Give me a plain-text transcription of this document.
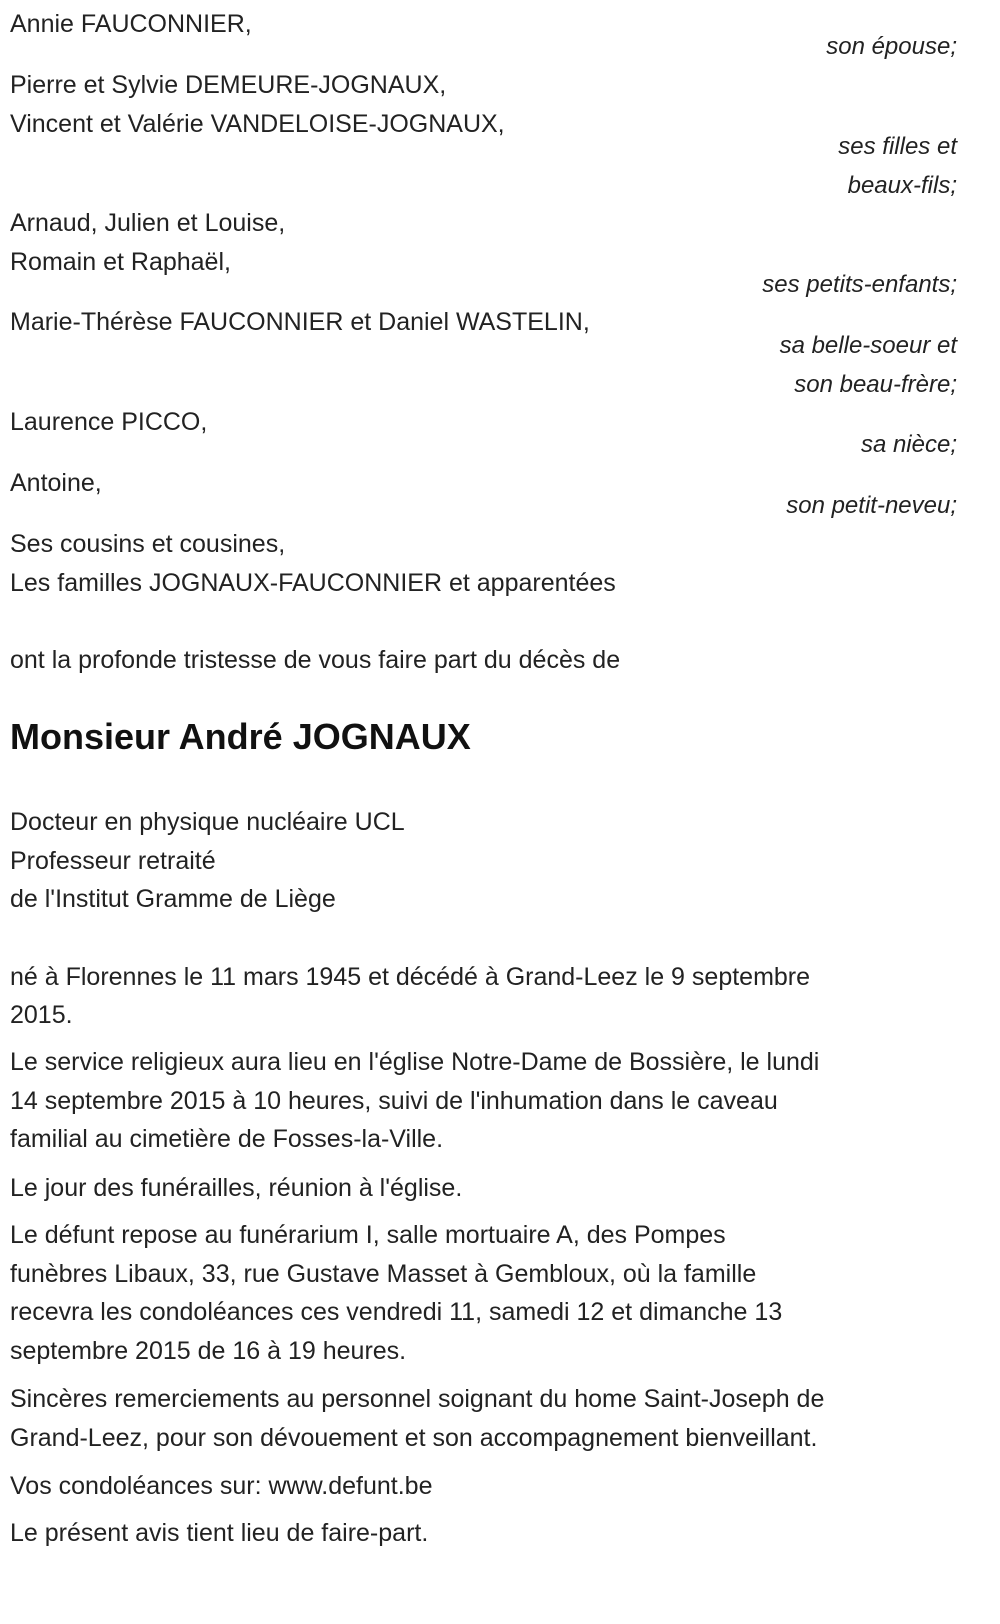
Annie FAUCONNIER,
son épouse;
Pierre et Sylvie DEMEURE-JOGNAUX,
Vincent et Valérie VANDELOISE-JOGNAUX,
ses filles et
beaux-fils;
Arnaud, Julien et Louise,
Romain et Raphaël,
ses petits-enfants;
Marie-Thérèse FAUCONNIER et Daniel WASTELIN,
sa belle-soeur et
son beau-frère;
Laurence PICCO,
sa nièce;
Antoine,
son petit-neveu;
Ses cousins et cousines,
Les familles JOGNAUX-FAUCONNIER et apparentées
ont la profonde tristesse de vous faire part du décès de
Monsieur André JOGNAUX
Docteur en physique nucléaire UCL
Professeur retraité
de l'Institut Gramme de Liège
né à Florennes le 11 mars 1945 et décédé à Grand-Leez le 9 septembre
2015.
Le service religieux aura lieu en l'église Notre-Dame de Bossière, le lundi
14 septembre 2015 à 10 heures, suivi de l'inhumation dans le caveau
familial au cimetière de Fosses-la-Ville.
Le jour des funérailles, réunion à l'église.
Le défunt repose au funérarium I, salle mortuaire A, des Pompes
funèbres Libaux, 33, rue Gustave Masset à Gembloux, où la famille
recevra les condoléances ces vendredi 11, samedi 12 et dimanche 13
septembre 2015 de 16 à 19 heures.
Sincères remerciements au personnel soignant du home Saint-Joseph de
Grand-Leez, pour son dévouement et son accompagnement bienveillant.
Vos condoléances sur: www.defunt.be
Le présent avis tient lieu de faire-part.
